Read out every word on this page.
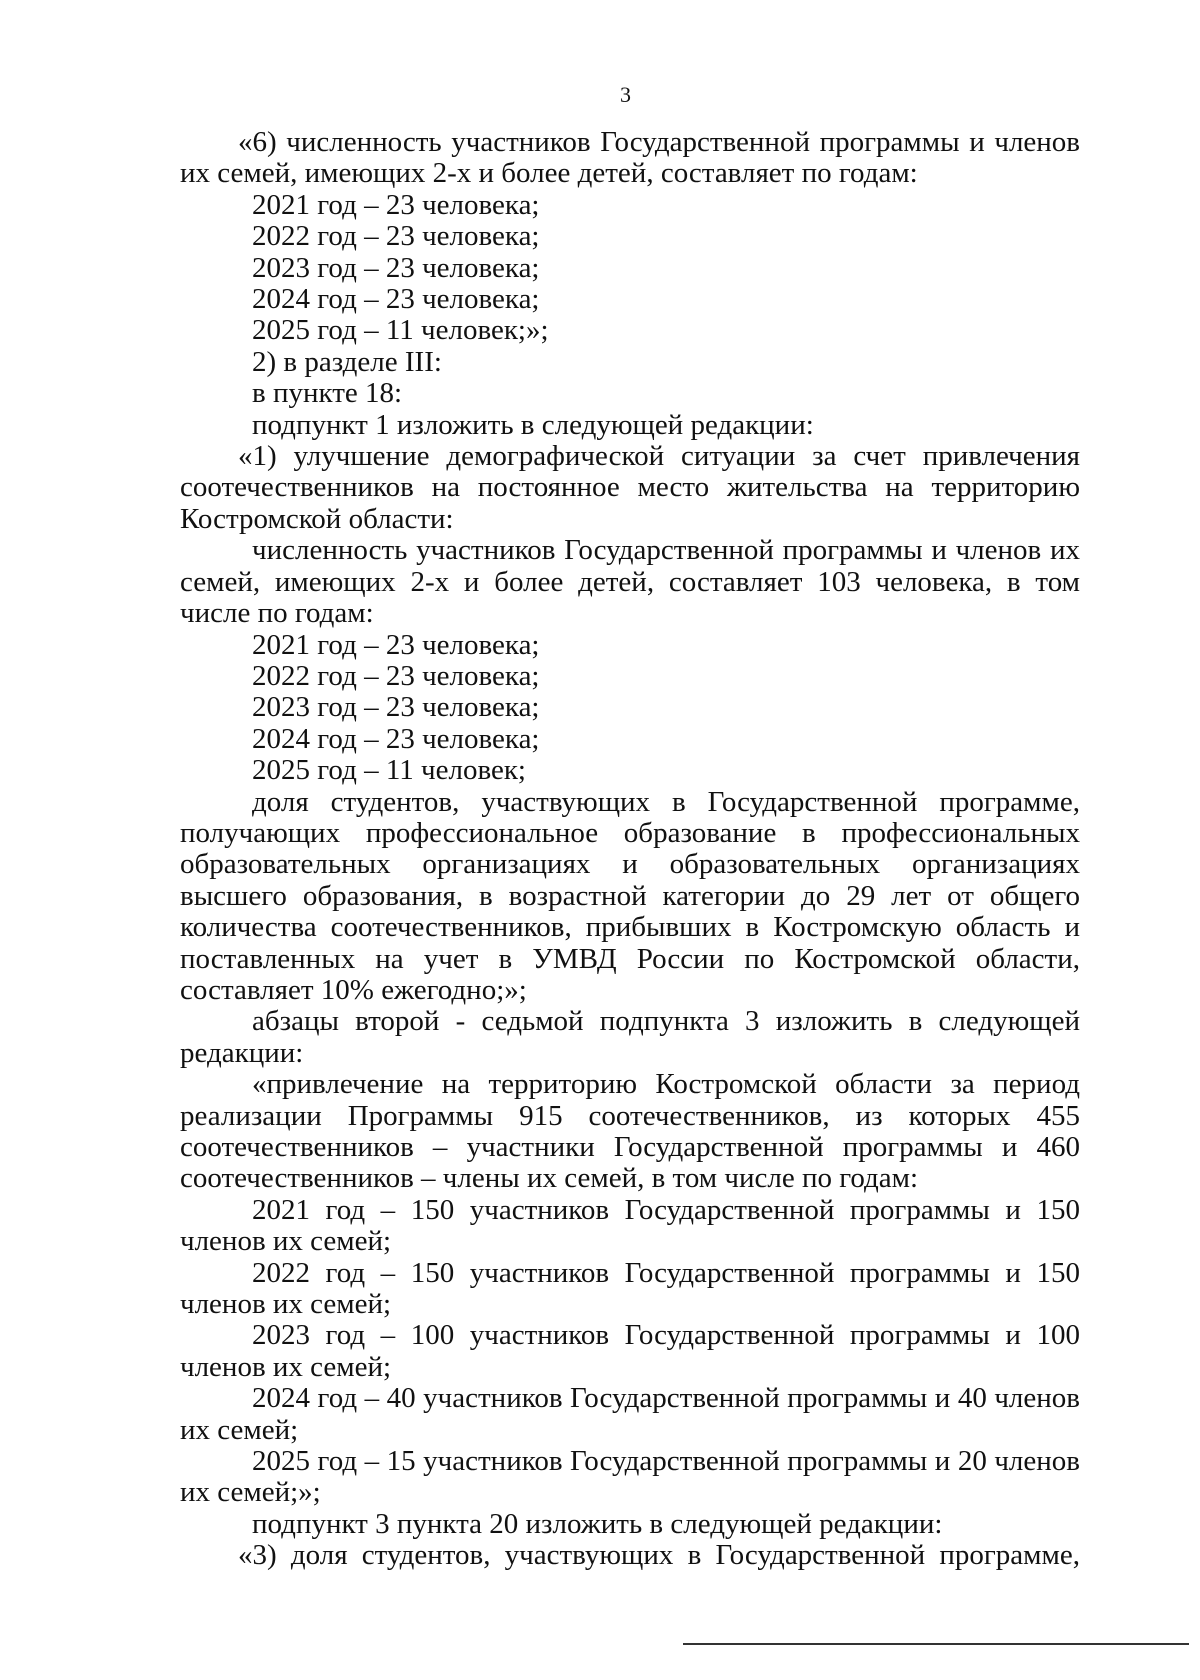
3

«6) численность участников Государственной программы и членов их семей, имеющих 2-х и более детей, составляет по годам:

2021 год – 23 человека;

2022 год – 23 человека;

2023 год – 23 человека;

2024 год – 23 человека;

2025 год – 11 человек;»;

2) в разделе III:

в пункте 18:

подпункт 1 изложить в следующей редакции:

«1) улучшение демографической ситуации за счет привлечения соотечественников на постоянное место жительства на территорию Костромской области:

численность участников Государственной программы и членов их семей, имеющих 2-х и более детей, составляет 103 человека, в том числе по годам:

2021 год – 23 человека;

2022 год – 23 человека;

2023 год – 23 человека;

2024 год – 23 человека;

2025 год – 11 человек;

доля студентов, участвующих в Государственной программе, получающих профессиональное образование в профессиональных образовательных организациях и образовательных организациях высшего образования, в возрастной категории до 29 лет от общего количества соотечественников, прибывших в Костромскую область и поставленных на учет в УМВД России по Костромской области, составляет 10% ежегодно;»;

абзацы второй - седьмой подпункта 3 изложить в следующей редакции:

«привлечение на территорию Костромской области за период реализации Программы 915 соотечественников, из которых 455 соотечественников – участники Государственной программы и 460 соотечественников – члены их семей, в том числе по годам:

2021 год – 150 участников Государственной программы и 150 членов их семей;

2022 год – 150 участников Государственной программы и 150 членов их семей;

2023 год – 100 участников Государственной программы и 100 членов их семей;

2024 год – 40 участников Государственной программы и 40 членов их семей;

2025 год – 15 участников Государственной программы и 20 членов их семей;»;

подпункт 3 пункта 20 изложить в следующей редакции:

«3) доля студентов, участвующих в Государственной программе,
